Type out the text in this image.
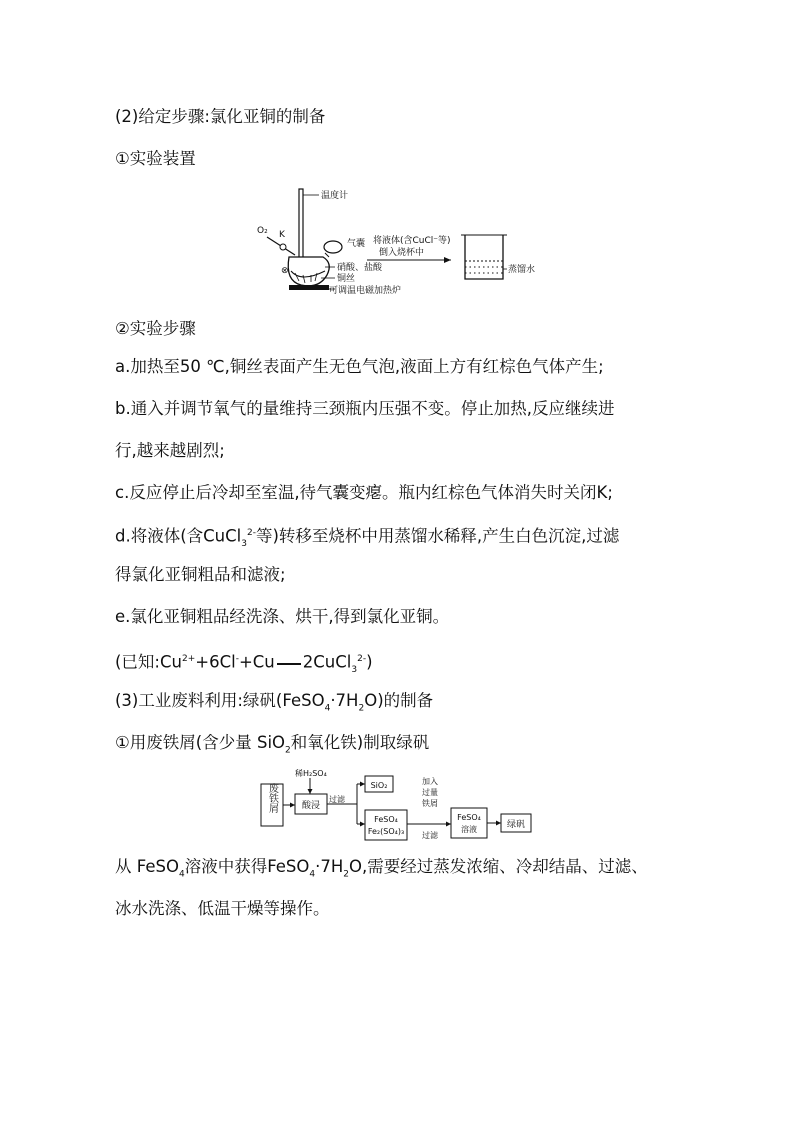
(2)给定步骤:氯化亚铜的制备
①实验装置
温度计
O₂ K
气囊
⊗	硝酸、盐酸
铜丝
可调温电磁加热炉
将液体(含CuCl⁻等)
倒入烧杯中
蒸馏水
②实验步骤
a.加热至50 ℃,铜丝表面产生无色气泡,液面上方有红棕色气体产生;
b.通入并调节氧气的量维持三颈瓶内压强不变。停止加热,反应继续进
行,越来越剧烈;
c.反应停止后冷却至室温,待气囊变瘪。瓶内红棕色气体消失时关闭K;
d.将液体(含CuCl$_3^{2-}$等)转移至烧杯中用蒸馏水稀释,产生白色沉淀,过滤
得氯化亚铜粗品和滤液;
e.氯化亚铜粗品经洗涤、烘干,得到氯化亚铜。
(已知$:Cu^{2+}+6Cl^-+Cu$ 2CuCl$_3^{2-}$)
(3)工业废料利用:绿矾$(FeSO_4\cdot 7H_2O)$的制备
①用废铁屑(含少量 SiO$_2$和氧化铁)制取绿矾
废铁屑
稀H₂SO₄
酸浸
过滤
SiO₂
FeSO₄
Fe₂(SO₄)₃
加入
过量
铁屑
过滤
FeSO₄
溶液	绿矾
从 FeSO$_4$溶液中获得$FeSO_4\cdot 7H_2O$,需要经过蒸发浓缩、冷却结晶、过滤、
冰水洗涤、低温干燥等操作。
